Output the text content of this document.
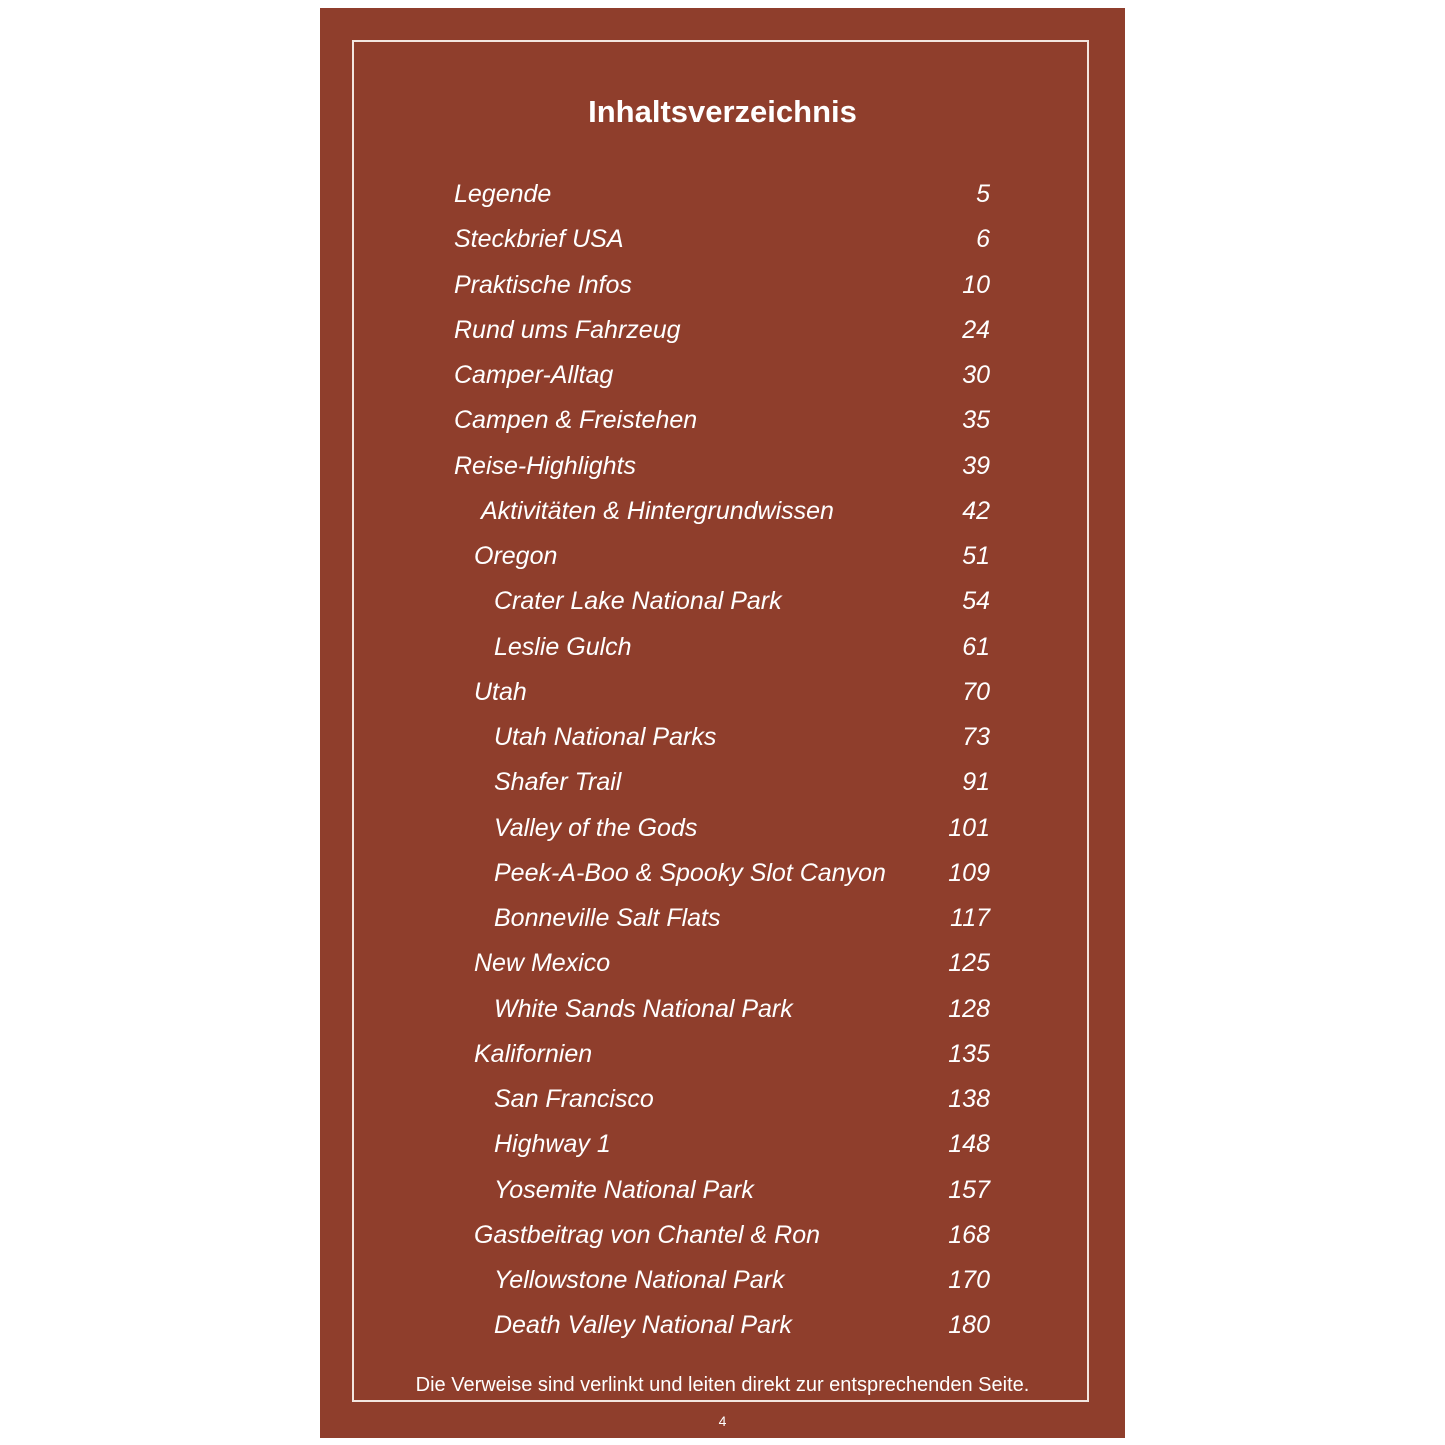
Inhaltsverzeichnis
Legende	5
Steckbrief USA	6
Praktische Infos	10
Rund ums Fahrzeug	24
Camper-Alltag	30
Campen & Freistehen	35
Reise-Highlights	39
Aktivitäten & Hintergrundwissen	42
Oregon	51
Crater Lake National Park	54
Leslie Gulch	61
Utah	70
Utah National Parks	73
Shafer Trail	91
Valley of the Gods	101
Peek-A-Boo & Spooky Slot Canyon 109
Bonneville Salt Flats	117
New Mexico	125
White Sands National Park	128
Kalifornien	135
San Francisco	138
Highway 1	148
Yosemite National Park	157
Gastbeitrag von Chantel & Ron	168
Yellowstone National Park	170
Death Valley National Park	180
Die Verweise sind verlinkt und leiten direkt zur entsprechenden Seite.
4
